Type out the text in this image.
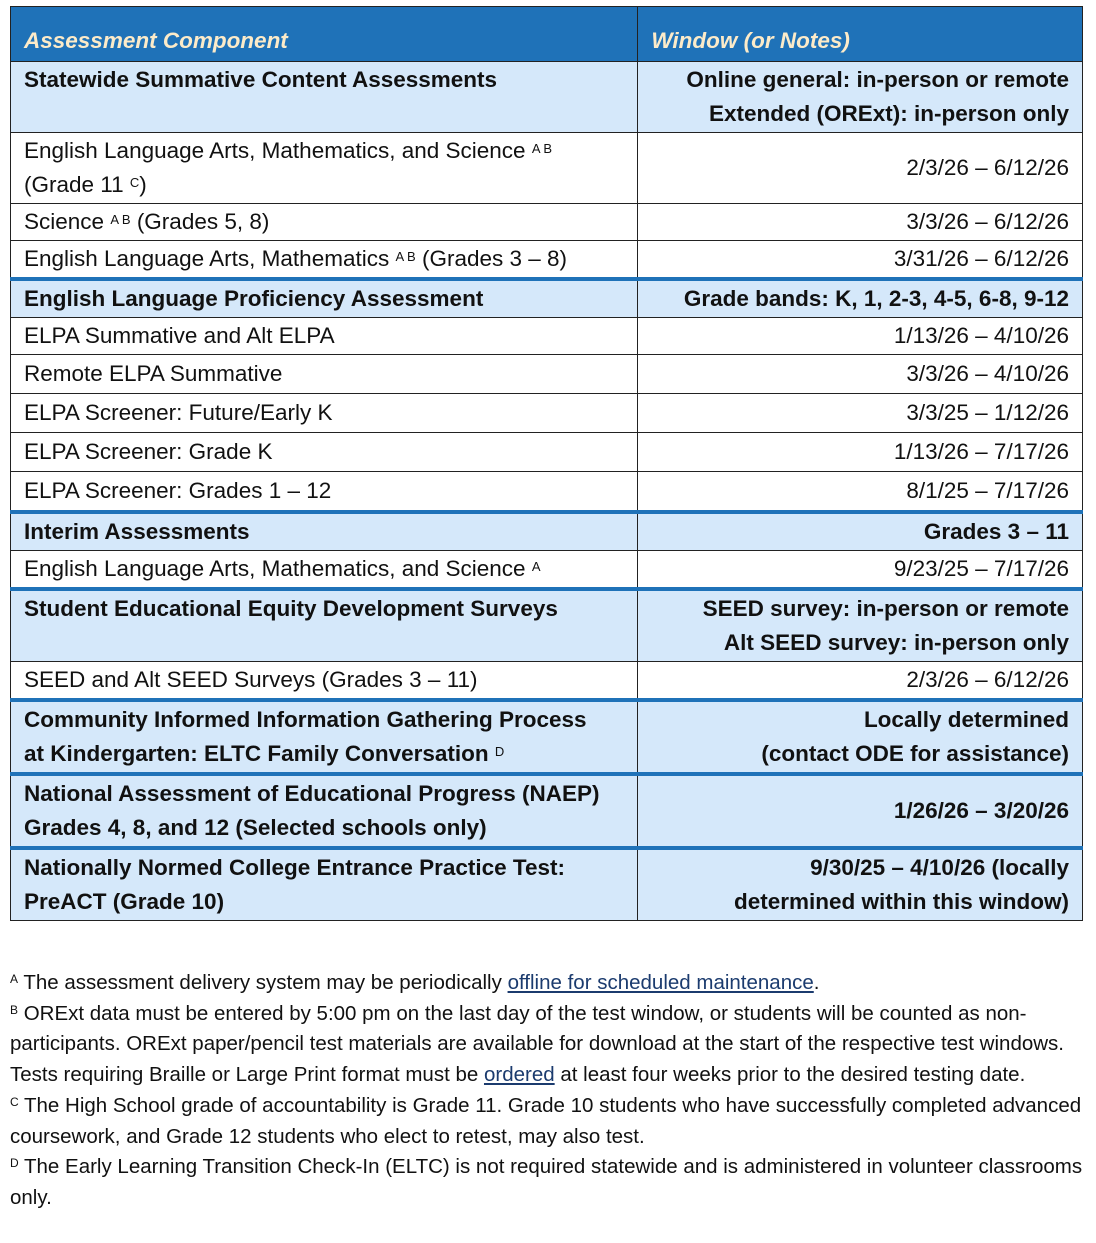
Assessment Component	Window (or Notes)
Statewide Summative Content Assessments	Online general: in-person or remote
Extended (ORExt): in-person only
English Language Arts, Mathematics, and Science $^{A B}$
(Grade 11 $^C$)	2/3/26 – 6/12/26
Science $^{A B}$ (Grades 5, 8)	3/3/26 – 6/12/26
English Language Arts, Mathematics $^{A B}$ (Grades 3 – 8)	3/31/26 – 6/12/26
English Language Proficiency Assessment	Grade bands: K, 1, 2-3, 4-5, 6-8, 9-12
ELPA Summative and Alt ELPA	1/13/26 – 4/10/26
Remote ELPA Summative	3/3/26 – 4/10/26
ELPA Screener: Future/Early K	3/3/25 – 1/12/26
ELPA Screener: Grade K	1/13/26 – 7/17/26
ELPA Screener: Grades 1 – 12	8/1/25 – 7/17/26
Interim Assessments	Grades 3 – 11
English Language Arts, Mathematics, and Science $^A$	9/23/25 – 7/17/26
Student Educational Equity Development Surveys	SEED survey: in-person or remote
Alt SEED survey: in-person only
SEED and Alt SEED Surveys (Grades 3 – 11)	2/3/26 – 6/12/26
Community Informed Information Gathering Process
at Kindergarten: ELTC Family Conversation $^D$	Locally determined
(contact ODE for assistance)
National Assessment of Educational Progress (NAEP)
Grades 4, 8, and 12 (Selected schools only)	1/26/26 – 3/20/26
Nationally Normed College Entrance Practice Test:
PreACT (Grade 10)	9/30/25 – 4/10/26 (locally
determined within this window)

$^A$ The assessment delivery system may be periodically offline for scheduled maintenance.

$^B$ ORExt data must be entered by 5:00 pm on the last day of the test window, or students will be counted as non-participants. ORExt paper/pencil test materials are available for download at the start of the respective test windows. Tests requiring Braille or Large Print format must be ordered at least four weeks prior to the desired testing date.

$^C$ The High School grade of accountability is Grade 11. Grade 10 students who have successfully completed advanced coursework, and Grade 12 students who elect to retest, may also test.

$^D$ The Early Learning Transition Check-In (ELTC) is not required statewide and is administered in volunteer classrooms only.
